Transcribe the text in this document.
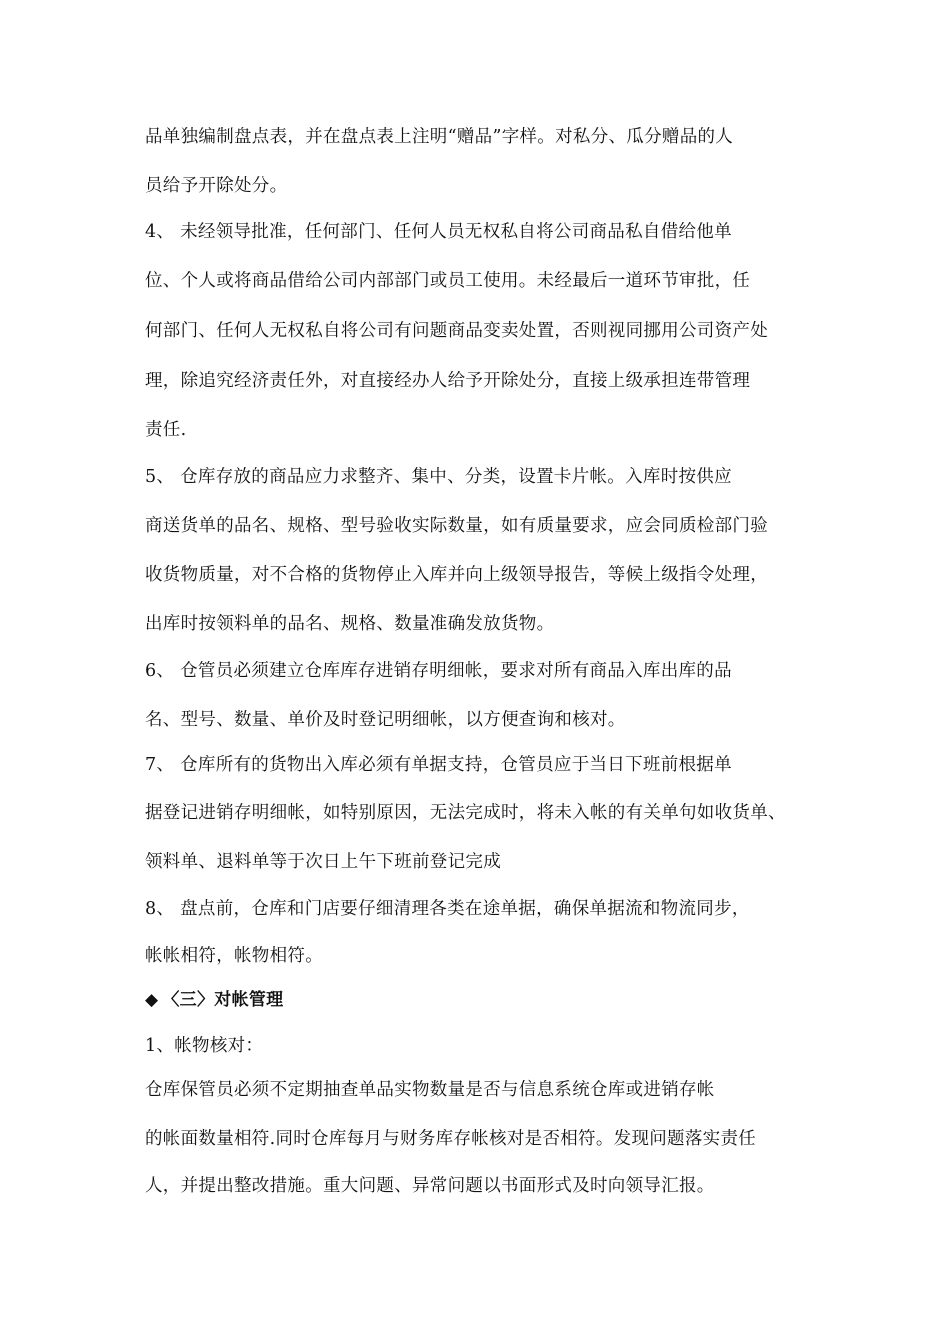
品单独编制盘点表，并在盘点表上注明“赠品”字样。对私分、瓜分赠品的人
员给予开除处分。
4、 未经领导批准，任何部门、任何人员无权私自将公司商品私自借给他单
位、个人或将商品借给公司内部部门或员工使用。未经最后一道环节审批，任
何部门、任何人无权私自将公司有问题商品变卖处置，否则视同挪用公司资产处
理，除追究经济责任外，对直接经办人给予开除处分，直接上级承担连带管理
责任.
5、 仓库存放的商品应力求整齐、集中、分类，设置卡片帐。入库时按供应
商送货单的品名、规格、型号验收实际数量，如有质量要求，应会同质检部门验
收货物质量，对不合格的货物停止入库并向上级领导报告，等候上级指令处理，
出库时按领料单的品名、规格、数量准确发放货物。
6、 仓管员必须建立仓库库存进销存明细帐，要求对所有商品入库出库的品
名、型号、数量、单价及时登记明细帐，以方便查询和核对。
7、 仓库所有的货物出入库必须有单据支持，仓管员应于当日下班前根据单
据登记进销存明细帐，如特别原因，无法完成时，将未入帐的有关单句如收货单、
领料单、退料单等于次日上午下班前登记完成
8、 盘点前，仓库和门店要仔细清理各类在途单据，确保单据流和物流同步，
帐帐相符，帐物相符。
◆ 〈三〉对帐管理
1、帐物核对：
仓库保管员必须不定期抽查单品实物数量是否与信息系统仓库或进销存帐
的帐面数量相符.同时仓库每月与财务库存帐核对是否相符。发现问题落实责任
人，并提出整改措施。重大问题、异常问题以书面形式及时向领导汇报。
